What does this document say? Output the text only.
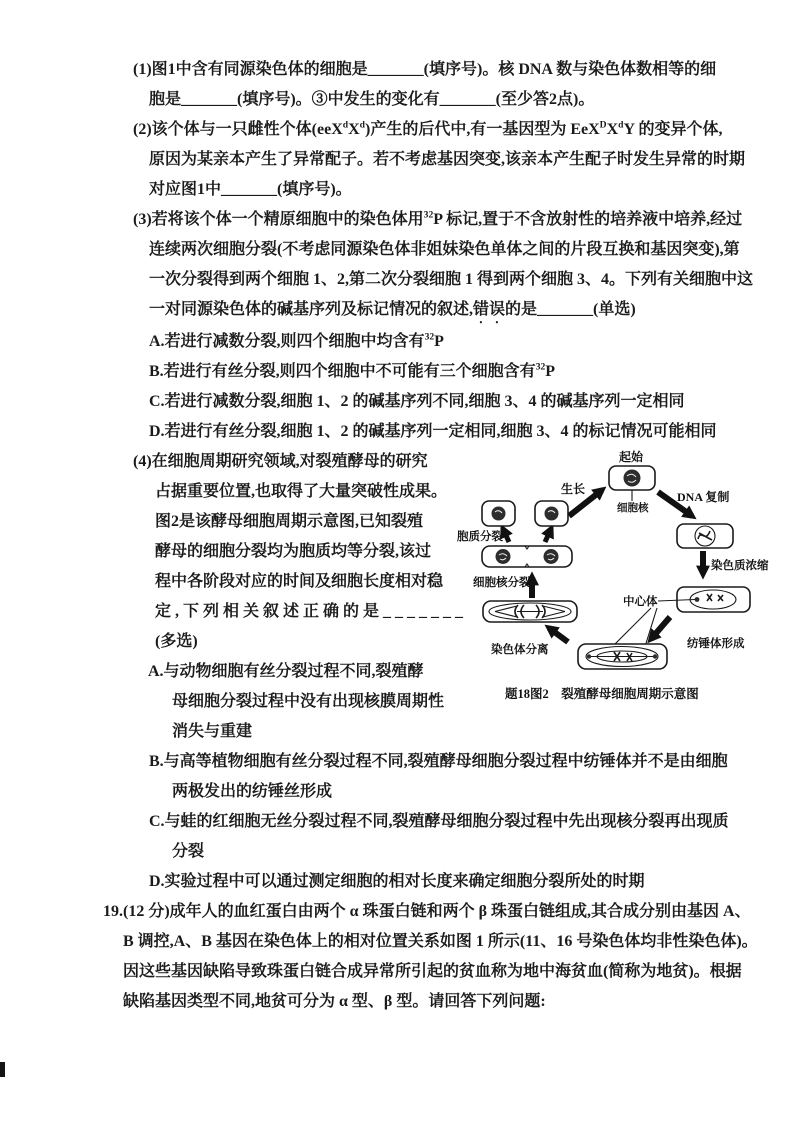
(1)图1中含有同源染色体的细胞是_______(填序号)。核 DNA 数与染色体数相等的细
胞是_______(填序号)。③中发生的变化有_______(至少答2点)。
(2)该个体与一只雌性个体$(eeX^dX^d)$产生的后代中,有一基因型为 $EeX^DX^dY$ 的变异个体,
原因为某亲本产生了异常配子。若不考虑基因突变,该亲本产生配子时发生异常的时期
对应图1中_______(填序号)。
(3)若将该个体一个精原细胞中的染色体用$^{32}$P 标记,置于不含放射性的培养液中培养,经过
连续两次细胞分裂(不考虑同源染色体非姐妹染色单体之间的片段互换和基因突变),第
一次分裂得到两个细胞 1、2,第二次分裂细胞 1 得到两个细胞 3、4。下列有关细胞中这
一对同源染色体的碱基序列及标记情况的叙述,错误的是_______(单选)
A.若进行减数分裂,则四个细胞中均含有$^{32}$P
B.若进行有丝分裂,则四个细胞中不可能有三个细胞含有$^{32}$P
C.若进行减数分裂,细胞 1、2 的碱基序列不同,细胞 3、4 的碱基序列一定相同
D.若进行有丝分裂,细胞 1、2 的碱基序列一定相同,细胞 3、4 的标记情况可能相同
(4)在细胞周期研究领域,对裂殖酵母的研究
占据重要位置,也取得了大量突破性成果。
图2是该酵母细胞周期示意图,已知裂殖
酵母的细胞分裂均为胞质均等分裂,该过
程中各阶段对应的时间及细胞长度相对稳
定,下列相关叙述正确的是_______
(多选)
A.与动物细胞有丝分裂过程不同,裂殖酵
母细胞分裂过程中没有出现核膜周期性
消失与重建
起始
细胞核
生长
DNA 复制
染色质浓缩
中心体
纺锤体形成
染色体分离
细胞核分裂
胞质分裂
题18图2　裂殖酵母细胞周期示意图
B.与高等植物细胞有丝分裂过程不同,裂殖酵母细胞分裂过程中纺锤体并不是由细胞
两极发出的纺锤丝形成
C.与蛙的红细胞无丝分裂过程不同,裂殖酵母细胞分裂过程中先出现核分裂再出现质
分裂
D.实验过程中可以通过测定细胞的相对长度来确定细胞分裂所处的时期
19.(12 分)成年人的血红蛋白由两个 α 珠蛋白链和两个 β 珠蛋白链组成,其合成分别由基因 A、
B 调控,A、B 基因在染色体上的相对位置关系如图 1 所示(11、16 号染色体均非性染色体)。
因这些基因缺陷导致珠蛋白链合成异常所引起的贫血称为地中海贫血(简称为地贫)。根据
缺陷基因类型不同,地贫可分为 α 型、β 型。请回答下列问题:
